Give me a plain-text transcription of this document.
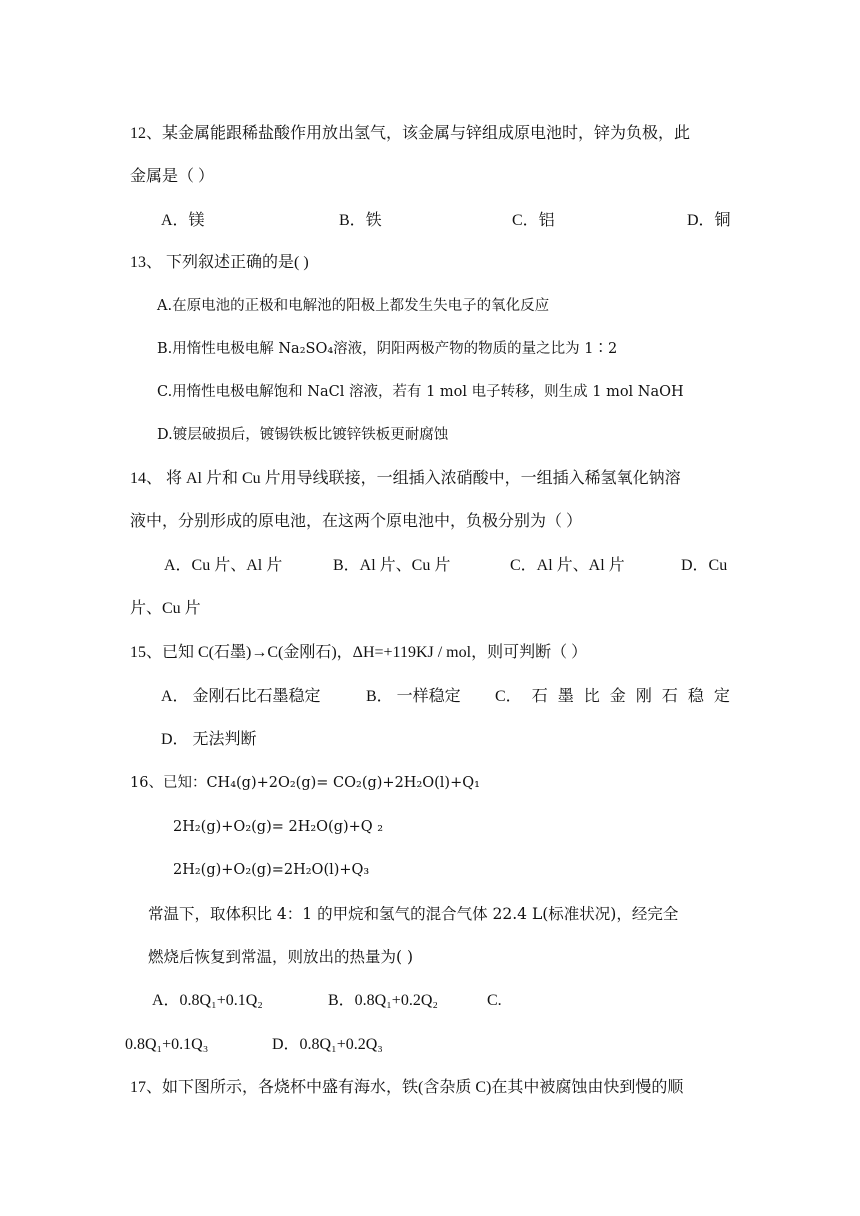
12、某金属能跟稀盐酸作用放出氢气，该金属与锌组成原电池时，锌为负极，此
金属是（ ）
A．镁	B．铁	C．铝	D．铜
13、 下列叙述正确的是( )
A.在原电池的正极和电解池的阳极上都发生失电子的氧化反应
B.用惰性电极电解 Na₂SO₄溶液，阴阳两极产物的物质的量之比为 1∶2
C.用惰性电极电解饱和 NaCl 溶液，若有 1 mol 电子转移，则生成 1 mol NaOH
D.镀层破损后，镀锡铁板比镀锌铁板更耐腐蚀
14、 将 Al 片和 Cu 片用导线联接，一组插入浓硝酸中，一组插入稀氢氧化钠溶
液中，分别形成的原电池，在这两个原电池中，负极分别为（ ）
A．Cu 片、Al 片	B．Al 片、Cu 片	C．Al 片、Al 片	D．Cu
片、Cu 片
15、已知 C(石墨)→C(金刚石)，ΔH=+119KJ / mol，则可判断（ ）
A． 金刚石比石墨稳定	B． 一样稳定 C． 石 墨 比 金 刚 石 稳 定
D． 无法判断
16、已知：CH₄(g)+2O₂(g)= CO₂(g)+2H₂O(l)+Q₁
2H₂(g)+O₂(g)= 2H₂O(g)+Q ₂
2H₂(g)+O₂(g)=2H₂O(l)+Q₃
常温下，取体积比 4：1 的甲烷和氢气的混合气体 22.4 L(标准状况)，经完全
燃烧后恢复到常温，则放出的热量为( )
A．0.8Q₁+0.1Q₂	B．0.8Q₁+0.2Q₂	C.
0.8Q₁+0.1Q₃	D．0.8Q₁+0.2Q₃
17、如下图所示，各烧杯中盛有海水，铁(含杂质 C)在其中被腐蚀由快到慢的顺
